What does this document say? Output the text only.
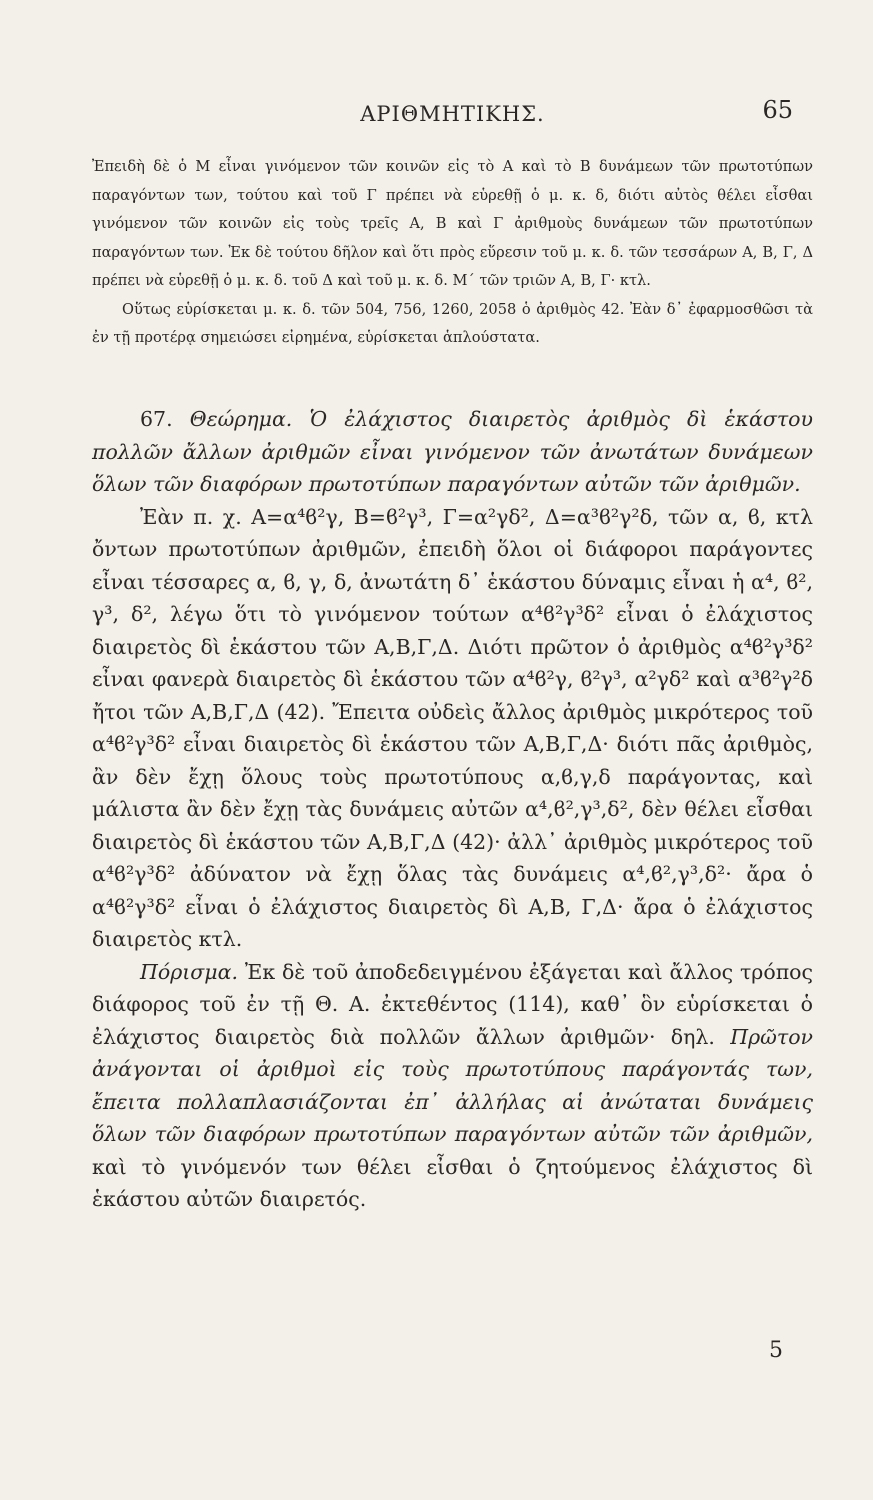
ΑΡΙΘΜΗΤΙΚΗΣ.	65

Ἐπειδὴ δὲ ὁ Μ εἶναι γινόμενον τῶν κοινῶν εἰς τὸ Α καὶ τὸ Β δυνάμεων τῶν πρωτοτύπων παραγόντων των, τούτου καὶ τοῦ Γ πρέπει νὰ εὑρεθῇ ὁ μ. κ. δ, διότι αὐτὸς θέλει εἶσθαι γινόμενον τῶν κοινῶν εἰς τοὺς τρεῖς Α, Β καὶ Γ ἀριθμοὺς δυνάμεων τῶν πρωτοτύπων παραγόντων των. Ἐκ δὲ τούτου δῆλον καὶ ὅτι πρὸς εὕρεσιν τοῦ μ. κ. δ. τῶν τεσσάρων Α, Β, Γ, Δ πρέπει νὰ εὑρεθῇ ὁ μ. κ. δ. τοῦ Δ καὶ τοῦ μ. κ. δ. Μ΄ τῶν τριῶν Α, Β, Γ· κτλ.

Οὕτως εὑρίσκεται μ. κ. δ. τῶν 504, 756, 1260, 2058 ὁ ἀριθμὸς 42. Ἐὰν δ᾽ ἐφαρμοσθῶσι τὰ ἐν τῇ προτέρᾳ σημειώσει εἰρημένα, εὑρίσκεται ἁπλούστατα.

67. Θεώρημα. Ὁ ἐλάχιστος διαιρετὸς ἀριθμὸς δὶ ἑκάστου πολλῶν ἄλλων ἀριθμῶν εἶναι γινόμενον τῶν ἀνωτάτων δυνάμεων ὅλων τῶν διαφόρων πρωτοτύπων παραγόντων αὐτῶν τῶν ἀριθμῶν.

Ἐὰν π. χ. Α=α⁴ϐ²γ, Β=ϐ²γ³, Γ=α²γδ², Δ=α³ϐ²γ²δ, τῶν α, ϐ, κτλ ὄντων πρωτοτύπων ἀριθμῶν, ἐπειδὴ ὅλοι οἱ διάφοροι παράγοντες εἶναι τέσσαρες α, ϐ, γ, δ, ἀνωτάτη δ᾽ ἑκάστου δύναμις εἶναι ἡ α⁴, ϐ², γ³, δ², λέγω ὅτι τὸ γινόμενον τούτων α⁴ϐ²γ³δ² εἶναι ὁ ἐλάχιστος διαιρετὸς δὶ ἑκάστου τῶν Α,Β,Γ,Δ. Διότι πρῶτον ὁ ἀριθμὸς α⁴ϐ²γ³δ² εἶναι φανερὰ διαιρετὸς δὶ ἑκάστου τῶν α⁴ϐ²γ, ϐ²γ³, α²γδ² καὶ α³ϐ²γ²δ ἤτοι τῶν Α,Β,Γ,Δ (42). Ἔπειτα οὐδεὶς ἄλλος ἀριθμὸς μικρότερος τοῦ α⁴ϐ²γ³δ² εἶναι διαιρετὸς δὶ ἑκάστου τῶν Α,Β,Γ,Δ· διότι πᾶς ἀριθμὸς, ἂν δὲν ἔχῃ ὅλους τοὺς πρωτοτύπους α,ϐ,γ,δ παράγοντας, καὶ μάλιστα ἂν δὲν ἔχῃ τὰς δυνάμεις αὐτῶν α⁴,ϐ²,γ³,δ², δὲν θέλει εἶσθαι διαιρετὸς δὶ ἑκάστου τῶν Α,Β,Γ,Δ (42)· ἀλλ᾽ ἀριθμὸς μικρότερος τοῦ α⁴ϐ²γ³δ² ἀδύνατον νὰ ἔχῃ ὅλας τὰς δυνάμεις α⁴,ϐ²,γ³,δ²· ἄρα ὁ α⁴ϐ²γ³δ² εἶναι ὁ ἐλάχιστος διαιρετὸς δὶ Α,Β, Γ,Δ· ἄρα ὁ ἐλάχιστος διαιρετὸς κτλ.

Πόρισμα. Ἐκ δὲ τοῦ ἀποδεδειγμένου ἐξάγεται καὶ ἄλλος τρόπος διάφορος τοῦ ἐν τῇ Θ. Α. ἐκτεθέντος (114), καθ᾽ ὃν εὑρίσκεται ὁ ἐλάχιστος διαιρετὸς διὰ πολλῶν ἄλλων ἀριθμῶν· δηλ. Πρῶτον ἀνάγονται οἱ ἀριθμοὶ εἰς τοὺς πρωτοτύπους παράγοντάς των, ἔπειτα πολλαπλασιάζονται ἐπ᾽ ἀλλήλας αἱ ἀνώταται δυνάμεις ὅλων τῶν διαφόρων πρωτοτύπων παραγόντων αὐτῶν τῶν ἀριθμῶν, καὶ τὸ γινόμενόν των θέλει εἶσθαι ὁ ζητούμενος ἐλάχιστος δὶ ἑκάστου αὐτῶν διαιρετός.

5
